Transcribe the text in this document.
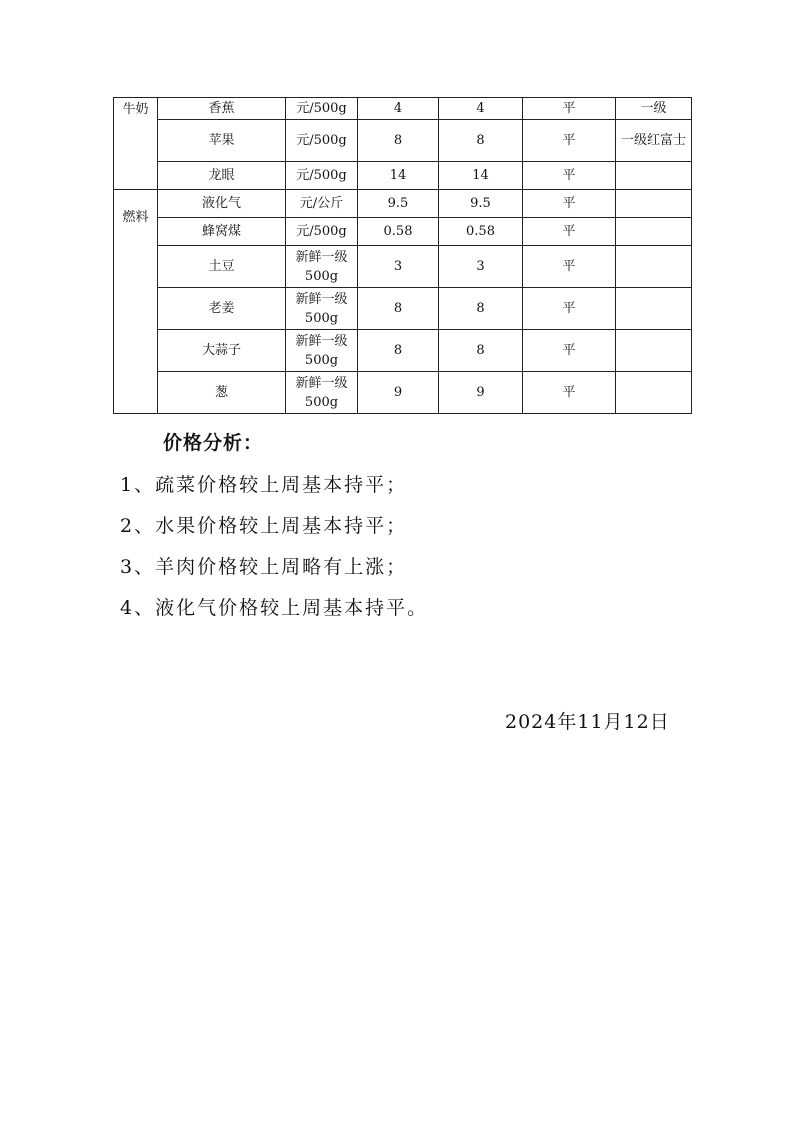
牛奶	香蕉	元/500g	4	4	平	一级
	苹果	元/500g	8	8	平	一级红富士
	龙眼	元/500g	14	14	平	
燃料	液化气	元/公斤	9.5	9.5	平	
	蜂窝煤	元/500g	0.58	0.58	平	
	土豆	新鲜一级500g	3	3	平	
	老姜	新鲜一级500g	8	8	平	
	大蒜子	新鲜一级500g	8	8	平	
	葱	新鲜一级500g	9	9	平	
价格分析：
1、疏菜价格较上周基本持平；
2、水果价格较上周基本持平；
3、羊肉价格较上周略有上涨；
4、液化气价格较上周基本持平。
2024年11月12日
